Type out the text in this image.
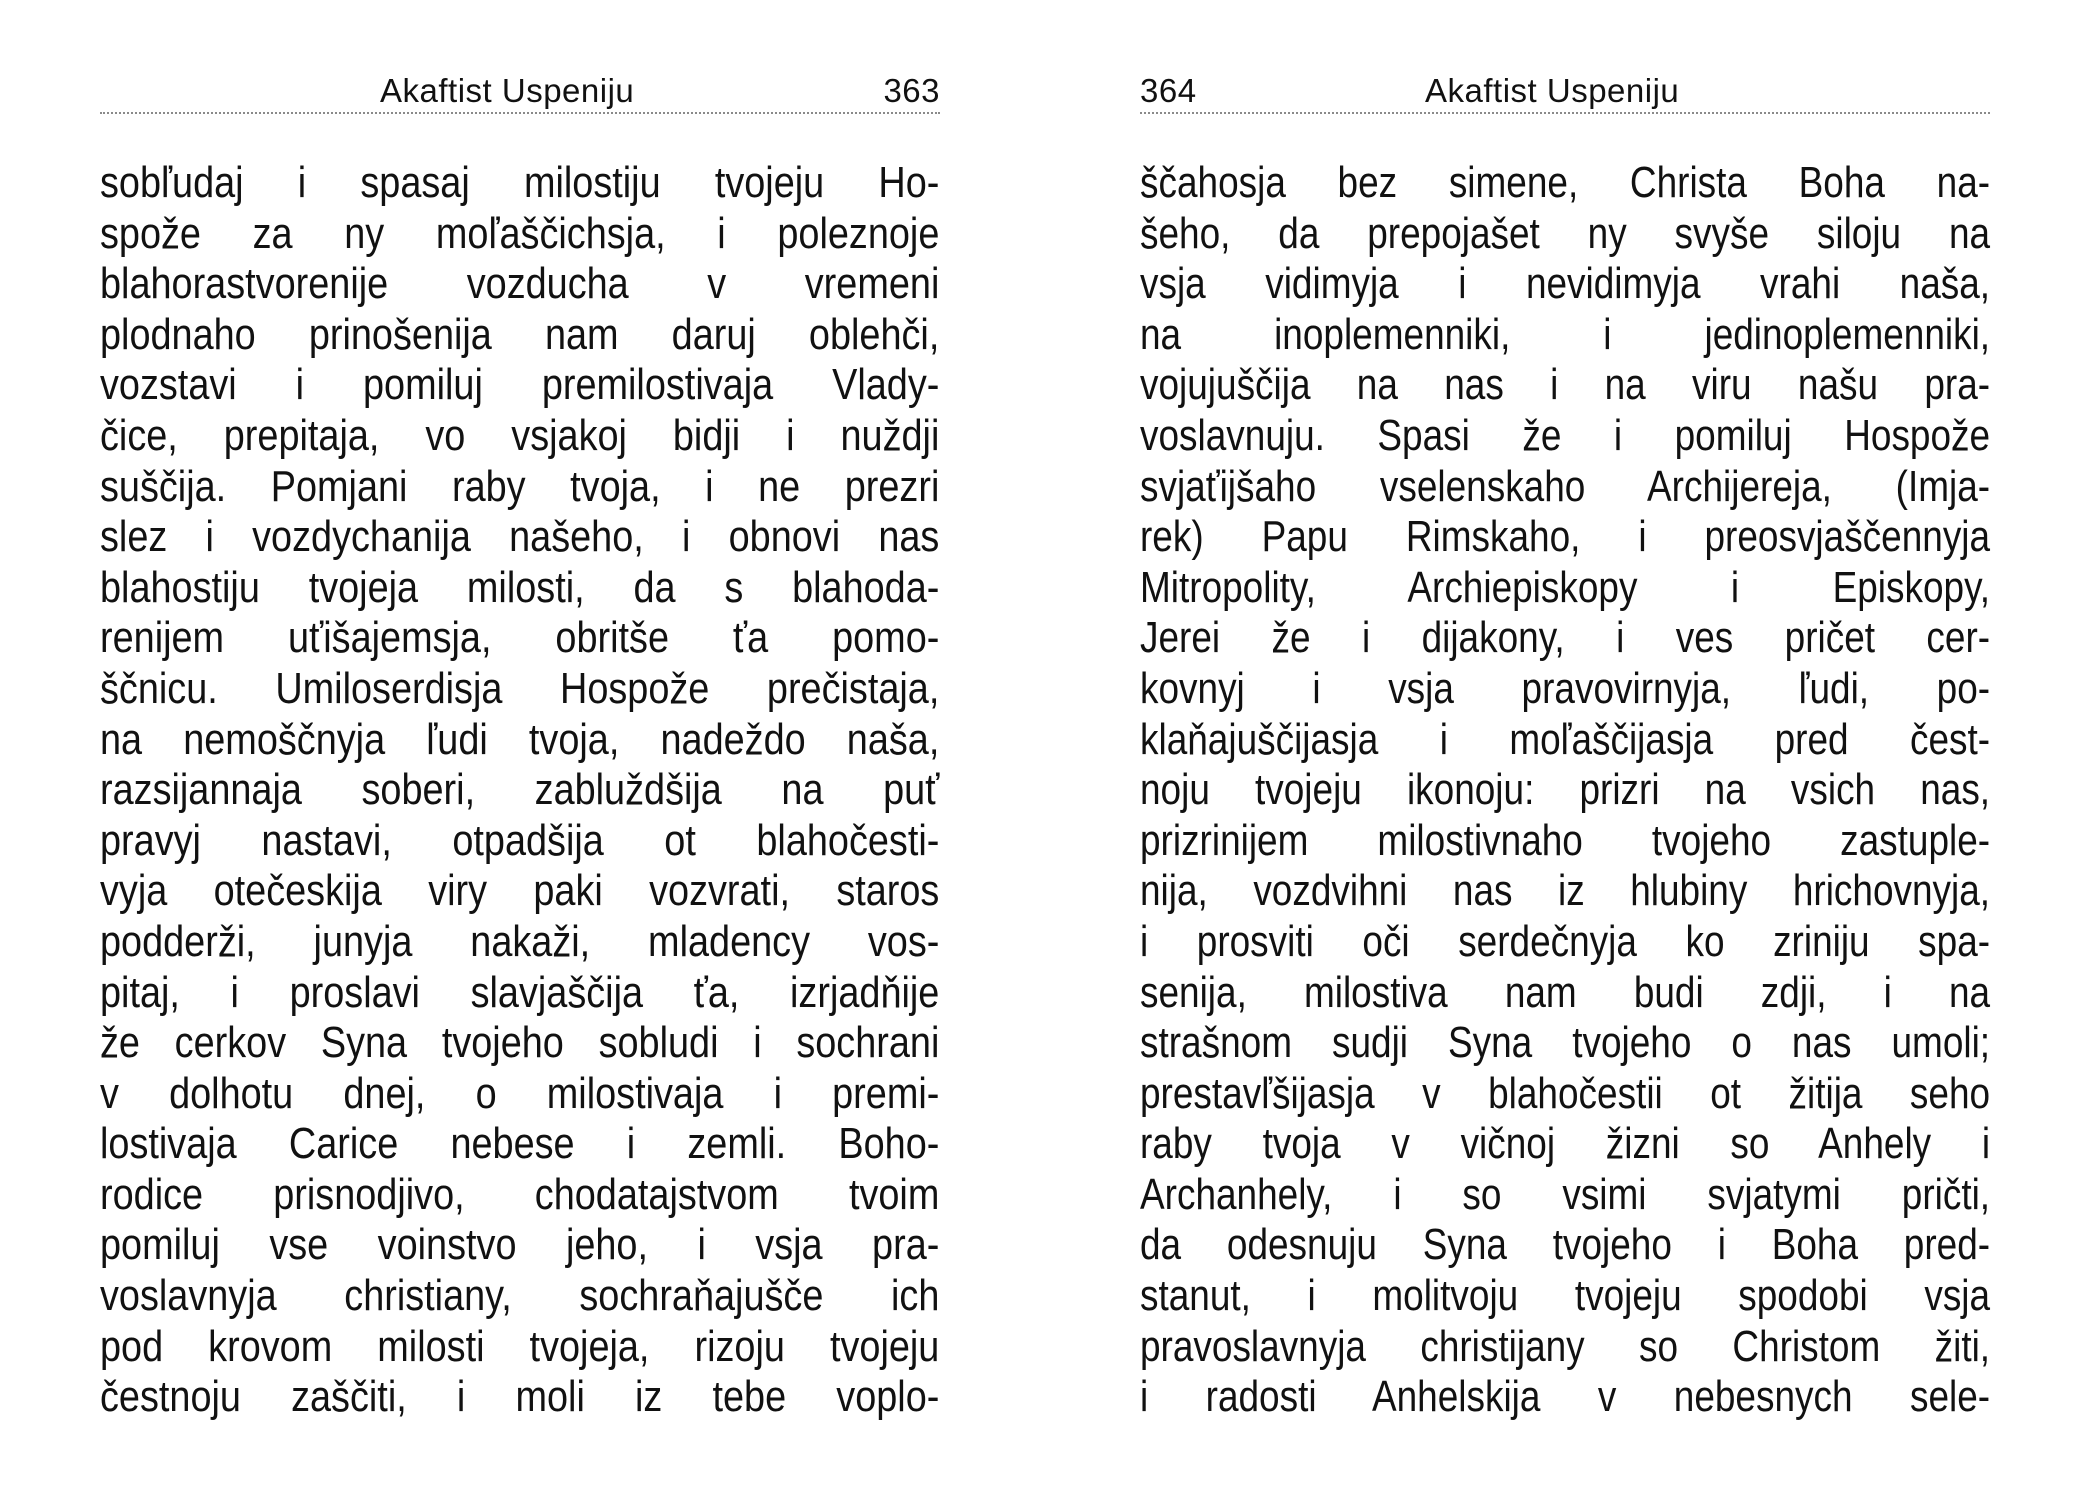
Akaftist Uspeniju	363
sobľudaj i spasaj milostiju tvojeju Ho-
spože za ny moľaščichsja, i poleznoje
blahorastvorenije vozducha v vremeni
plodnaho prinošenija nam daruj oblehči,
vozstavi i pomiluj premilostivaja Vlady-
čice, prepitaja, vo vsjakoj bidji i nuždji
suščija. Pomjani raby tvoja, i ne prezri
slez i vozdychanija našeho, i obnovi nas
blahostiju tvojeja milosti, da s blahoda-
renijem uťišajemsja, obritše ťa pomo-
ščnicu. Umiloserdisja Hospože prečistaja,
na nemoščnyja ľudi tvoja, nadeždo naša,
razsijannaja soberi, zabluždšija na puť
pravyj nastavi, otpadšija ot blahočesti-
vyja otečeskija viry paki vozvrati, staros
podderži, junyja nakaži, mladency vos-
pitaj, i proslavi slavjaščija ťa, izrjadňije
že cerkov Syna tvojeho sobludi i sochrani
v dolhotu dnej, o milostivaja i premi-
lostivaja Carice nebese i zemli. Boho-
rodice prisnodjivo, chodatajstvom tvoim
pomiluj vse voinstvo jeho, i vsja pra-
voslavnyja christiany, sochraňajušče ich
pod krovom milosti tvojeja, rizoju tvojeju
čestnoju zaščiti, i moli iz tebe voplo-
364	Akaftist Uspeniju
ščahosja bez simene, Christa Boha na-
šeho, da prepojašet ny svyše siloju na
vsja vidimyja i nevidimyja vrahi naša,
na inoplemenniki, i jedinoplemenniki,
vojujuščija na nas i na viru našu pra-
voslavnuju. Spasi že i pomiluj Hospože
svjaťijšaho vselenskaho Archijereja, (Imja-
rek) Papu Rimskaho, i preosvjaščennyja
Mitropolity, Archiepiskopy i Episkopy,
Jerei že i dijakony, i ves pričet cer-
kovnyj i vsja pravovirnyja, ľudi, po-
klaňajuščijasja i moľaščijasja pred čest-
noju tvojeju ikonoju: prizri na vsich nas,
prizrinijem milostivnaho tvojeho zastuple-
nija, vozdvihni nas iz hlubiny hrichovnyja,
i prosviti oči serdečnyja ko zriniju spa-
senija, milostiva nam budi zdji, i na
strašnom sudji Syna tvojeho o nas umoli;
prestavľšijasja v blahočestii ot žitija seho
raby tvoja v vičnoj žizni so Anhely i
Archanhely, i so vsimi svjatymi pričti,
da odesnuju Syna tvojeho i Boha pred-
stanut, i molitvoju tvojeju spodobi vsja
pravoslavnyja christijany so Christom žiti,
i radosti Anhelskija v nebesnych sele-
